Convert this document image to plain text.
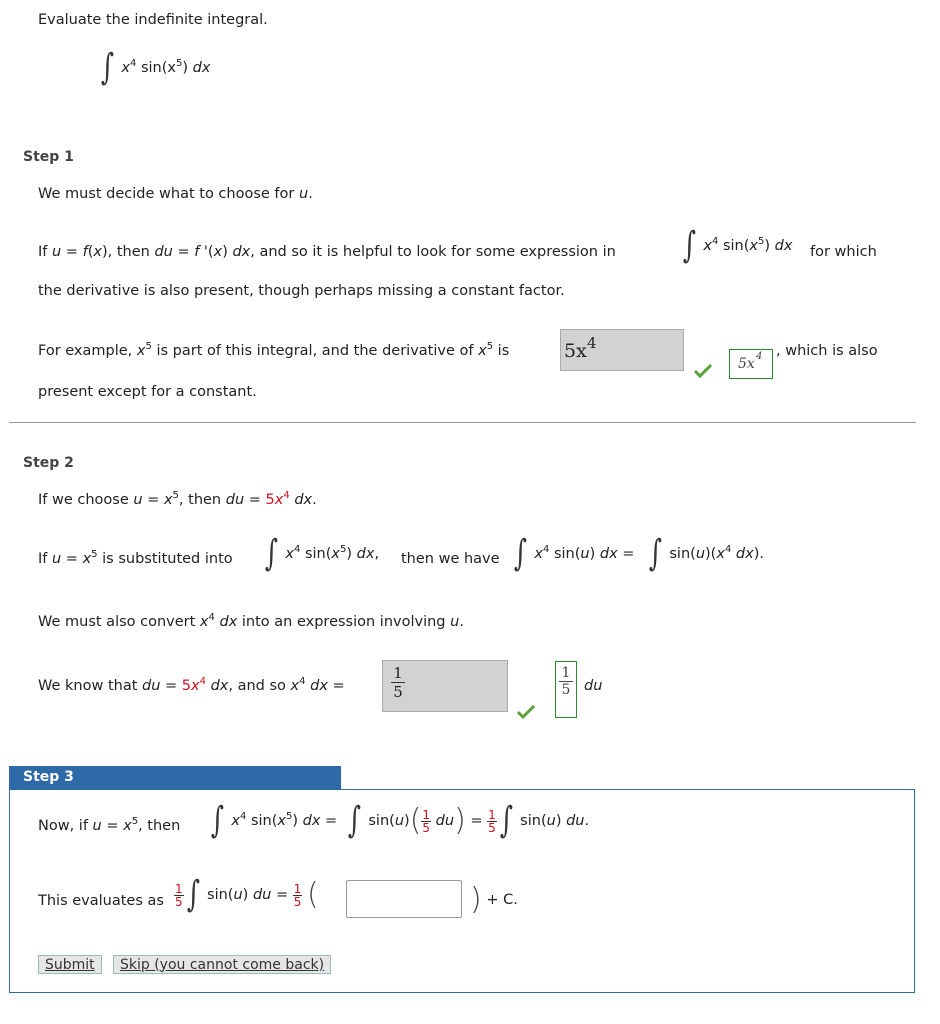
Evaluate the indefinite integral.
∫ $x^4$ $\sin(x^5)$ dx
Step 1
We must decide what to choose for u.
If u = f(x), then du = f '(x) dx, and so it is helpful to look for some expression in ∫ $x^4$ $\sin(x^5)$ dx for which
the derivative is also present, though perhaps missing a constant factor.
For example, $x^5$ is part of this integral, and the derivative of $x^5$ is	5x 4
5x 4 , which is also
present except for a constant.
Step 2
If we choose $u = x^5$, then du = $5x^4$ dx.
If $u = x^5$ is substituted into ∫ $x^4$ $\sin(x^5)$ dx, then we have ∫ $x^4$ sin(u) dx = ∫ $\sin(u)(x^4$ dx).
We must also convert $x^4$ dx into an expression involving u.
We know that du = $5x^4$ dx, and so $x^4$ dx =
1
5
1
5 du
Step 3
Now, if $u = x^5$, then ∫ $x^4$ $\sin(x^5)$ dx = ∫ $\sin(u)( \frac{1}{5} du) = \frac{1}{5}$ ∫ sin(u) du.
This evaluates as $\frac{1}{5}$ ∫ sin(u) du = $\frac{1}{5}$ (	) + C.
Submit	Skip (you cannot come back)
